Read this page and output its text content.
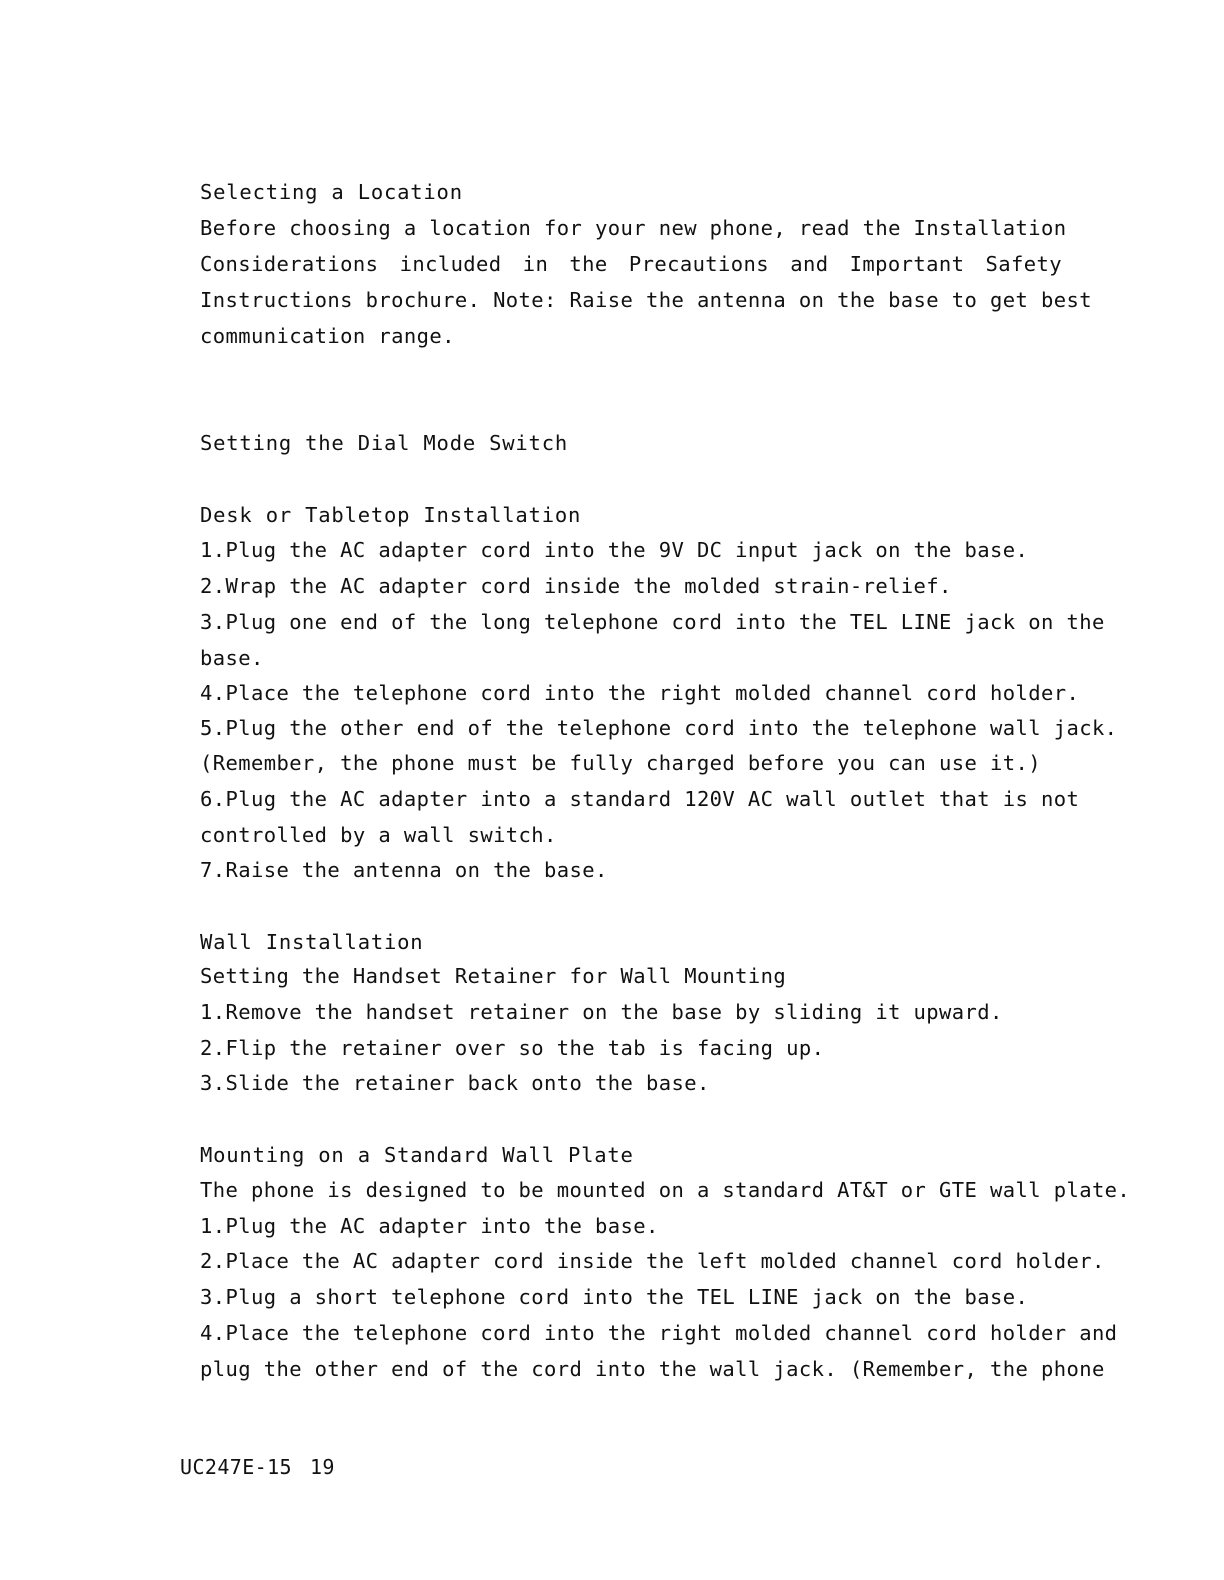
Selecting a Location
Before choosing a location for your new phone, read the Installation
Considerations included in the Precautions and Important Safety
Instructions brochure. Note: Raise the antenna on the base to get best
communication range.
Setting the Dial Mode Switch
Desk or Tabletop Installation
1.Plug the AC adapter cord into the 9V DC input jack on the base.
2.Wrap the AC adapter cord inside the molded strain-relief.
3.Plug one end of the long telephone cord into the TEL LINE jack on the
base.
4.Place the telephone cord into the right molded channel cord holder.
5.Plug the other end of the telephone cord into the telephone wall jack.
(Remember, the phone must be fully charged before you can use it.)
6.Plug the AC adapter into a standard 120V AC wall outlet that is not
controlled by a wall switch.
7.Raise the antenna on the base.
Wall Installation
Setting the Handset Retainer for Wall Mounting
1.Remove the handset retainer on the base by sliding it upward.
2.Flip the retainer over so the tab is facing up.
3.Slide the retainer back onto the base.
Mounting on a Standard Wall Plate
The phone is designed to be mounted on a standard AT&T or GTE wall plate.
1.Plug the AC adapter into the base.
2.Place the AC adapter cord inside the left molded channel cord holder.
3.Plug a short telephone cord into the TEL LINE jack on the base.
4.Place the telephone cord into the right molded channel cord holder and
plug the other end of the cord into the wall jack. (Remember, the phone
UC247E-15 19
